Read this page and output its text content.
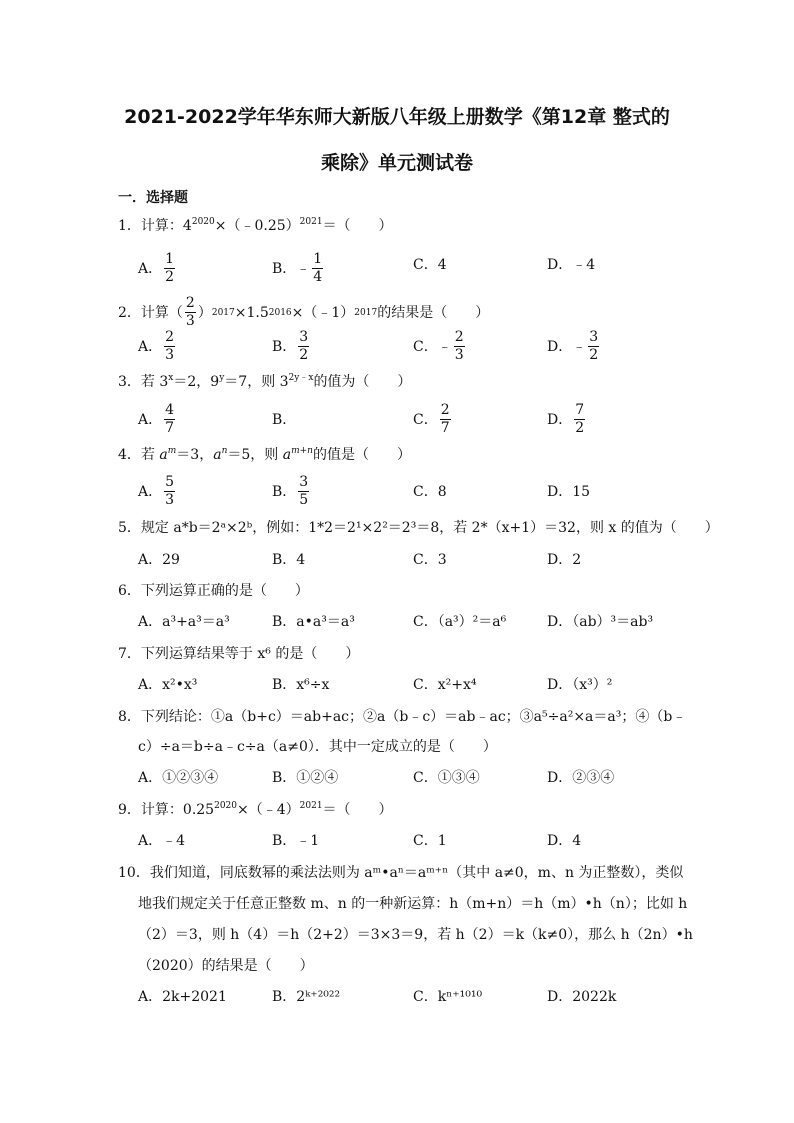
2021-2022学年华东师大新版八年级上册数学《第12章 整式的
乘除》单元测试卷
一．选择题
1．计算：$4^{2020}\times(﹣0.25)^{2021}=$（　　）
A． $\frac{1}{2}$	B．﹣ $\frac{1}{4}$	C．4	D．﹣4
2． 计算（ $\frac{2}{3}$ ） 2017 ×1.5 2016 ×（﹣1） 2017 的结果是（　　）
A． $\frac{2}{3}$	B． $\frac{3}{2}$	C．﹣ $\frac{2}{3}$	D．﹣ $\frac{3}{2}$
3．若 $3^x=2$，$9^y=7$，则 $3^{2y﹣x}$的值为（　　）
A． $\frac{4}{7}$	B．	C． $\frac{2}{7}$	D． $\frac{7}{2}$
4．若 $a^m=3$，$a^n=5$，则 $a^{m+n}$的值是（　　）
A． $\frac{5}{3}$	B． $\frac{3}{5}$	C．8	D．15
5．规定 a*b＝2ᵃ×2ᵇ，例如：1*2＝2¹×2²＝2³＝8，若 2*（x+1）＝32，则 x 的值为（　　）
A．29	B．4	C．3	D．2
6．下列运算正确的是（　　）
A．a³+a³＝a³	B．a•a³＝a³	C．（a³）²＝a⁶	D．（ab）³＝ab³
7．下列运算结果等于 x⁶ 的是（　　）
A．x²•x³	B．x⁶÷x	C．x²+x⁴	D．（x³）²
8．下列结论：①a（b+c）＝ab+ac；②a（b﹣c）＝ab﹣ac；③a⁵÷a²×a＝a³；④（b﹣
c）÷a＝b÷a﹣c÷a（a≠0）．其中一定成立的是（　　）
A．①②③④	B．①②④	C．①③④	D．②③④
9．计算：$0.25^{2020}\times(﹣4)^{2021}=$（　　）
A．﹣4	B．﹣1	C．1	D．4
10．我们知道，同底数幂的乘法法则为 aᵐ•aⁿ＝aᵐ⁺ⁿ（其中 a≠0，m、n 为正整数），类似
地我们规定关于任意正整数 m、n 的一种新运算：h（m+n）＝h（m）•h（n）；比如 h
（2）＝3，则 h（4）＝h（2+2）＝3×3＝9，若 h（2）＝k（k≠0），那么 h（2n）•h
（2020）的结果是（　　）
A．2k+2021	B．2ᵏ⁺²⁰²²	C．kⁿ⁺¹⁰¹⁰	D．2022k
